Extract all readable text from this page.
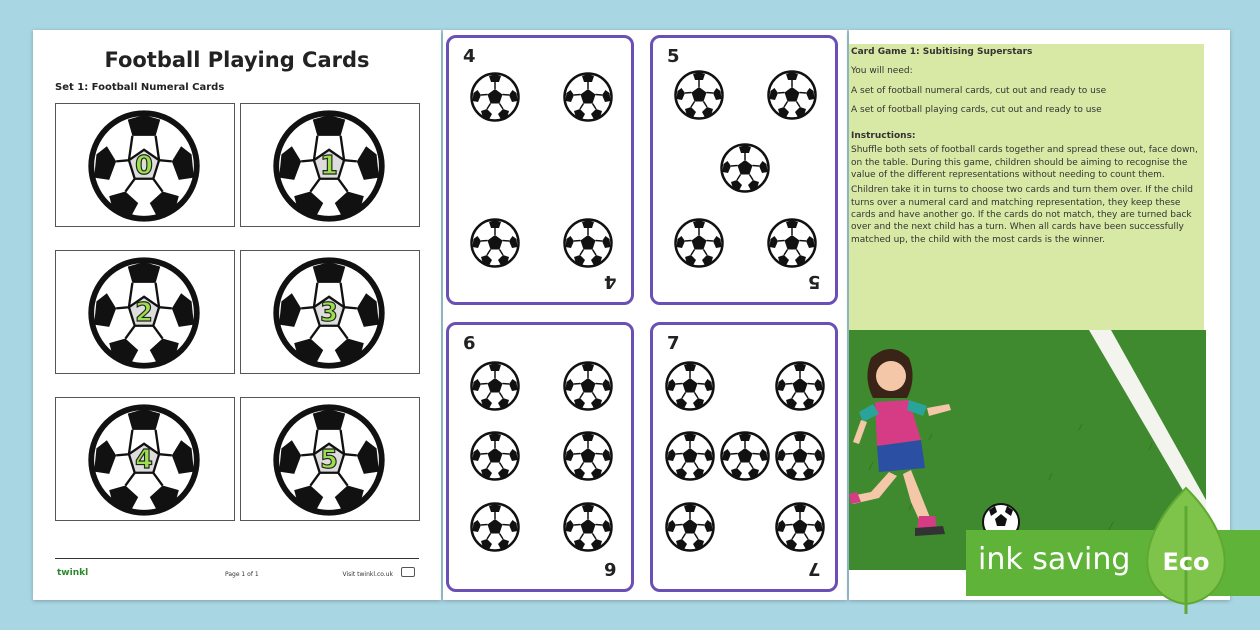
Football Playing Cards
Set 1: Football Numeral Cards
0	1
2	3
4	5
twinkl	Page 1 of 1	Visit twinkl.co.uk
4
4
5
5
6
6
7
7

Card Game 1: Subitising Superstars

You will need:

A set of football numeral cards, cut out and ready to use

A set of football playing cards, cut out and ready to use

Instructions:

Shuffle both sets of football cards together and spread these out, face down, on the table. During this game, children should be aiming to recognise the value of the different representations without needing to count them.

Children take it in turns to choose two cards and turn them over. If the child turns over a numeral card and matching representation, they keep these cards and have another go. If the cards do not match, they are turned back over and the next child has a turn. When all cards have been successfully matched up, the child with the most cards is the winner.

ink saving Eco
